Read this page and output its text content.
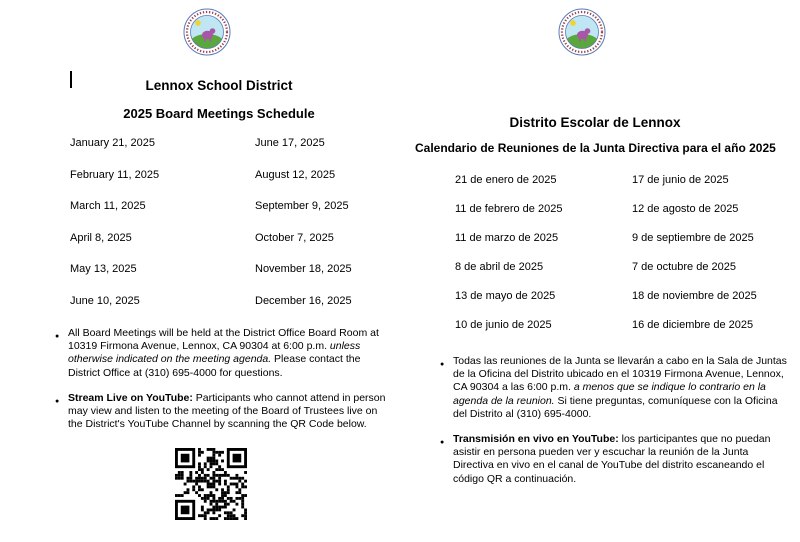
Lennox School District
2025 Board Meetings Schedule
January 21, 2025
February 11, 2025
March 11, 2025
April 8, 2025
May 13, 2025
June 10, 2025
June 17, 2025
August 12, 2025
September 9, 2025
October 7, 2025
November 18, 2025
December 16, 2025
● All Board Meetings will be held at the District Office Board Room at 10319 Firmona Avenue, Lennox, CA 90304 at 6:00 p.m. unless otherwise indicated on the meeting agenda. Please contact the District Office at (310) 695-4000 for questions.
● Stream Live on YouTube: Participants who cannot attend in person may view and listen to the meeting of the Board of Trustees live on the District's YouTube Channel by scanning the QR Code below.
Distrito Escolar de Lennox
Calendario de Reuniones de la Junta Directiva para el año 2025
21 de enero de 2025
11 de febrero de 2025
11 de marzo de 2025
8 de abril de 2025
13 de mayo de 2025
10 de junio de 2025
17 de junio de 2025
12 de agosto de 2025
9 de septiembre de 2025
7 de octubre de 2025
18 de noviembre de 2025
16 de diciembre de 2025
● Todas las reuniones de la Junta se llevarán a cabo en la Sala de Juntas de la Oficina del Distrito ubicado en el 10319 Firmona Avenue, Lennox, CA 90304 a las 6:00 p.m. a menos que se indique lo contrario en la agenda de la reunion. Si tiene preguntas, comuníquese con la Oficina del Distrito al (310) 695-4000.
● Transmisión en vivo en YouTube: los participantes que no puedan asistir en persona pueden ver y escuchar la reunión de la Junta Directiva en vivo en el canal de YouTube del distrito escaneando el código QR a continuación.
